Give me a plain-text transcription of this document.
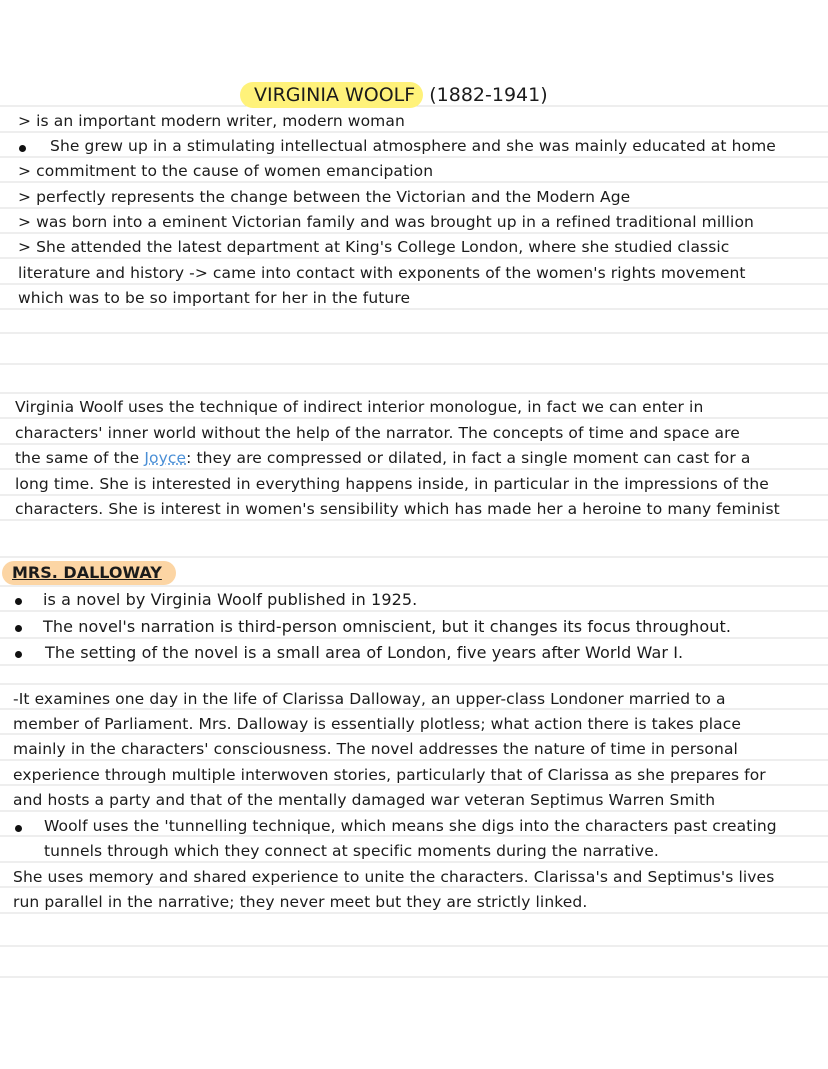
VIRGINIA WOOLF (1882-1941)
> is an important modern writer, modern woman
She grew up in a stimulating intellectual atmosphere and she was mainly educated at home
> commitment to the cause of women emancipation
> perfectly represents the change between the Victorian and the Modern Age
> was born into a eminent Victorian family and was brought up in a refined traditional million
> She attended the latest department at King's College London, where she studied classic
literature and history -> came into contact with exponents of the women's rights movement
which was to be so important for her in the future
Virginia Woolf uses the technique of indirect interior monologue, in fact we can enter in
characters' inner world without the help of the narrator. The concepts of time and space are
the same of the Joyce: they are compressed or dilated, in fact a single moment can cast for a
long time. She is interested in everything happens inside, in particular in the impressions of the
characters. She is interest in women's sensibility which has made her a heroine to many feminist
MRS. DALLOWAY
is a novel by Virginia Woolf published in 1925.
The novel's narration is third-person omniscient, but it changes its focus throughout.
The setting of the novel is a small area of London, five years after World War I.
-It examines one day in the life of Clarissa Dalloway, an upper-class Londoner married to a
member of Parliament. Mrs. Dalloway is essentially plotless; what action there is takes place
mainly in the characters' consciousness. The novel addresses the nature of time in personal
experience through multiple interwoven stories, particularly that of Clarissa as she prepares for
and hosts a party and that of the mentally damaged war veteran Septimus Warren Smith
Woolf uses the 'tunnelling technique, which means she digs into the characters past creating
tunnels through which they connect at specific moments during the narrative.
She uses memory and shared experience to unite the characters. Clarissa's and Septimus's lives
run parallel in the narrative; they never meet but they are strictly linked.
